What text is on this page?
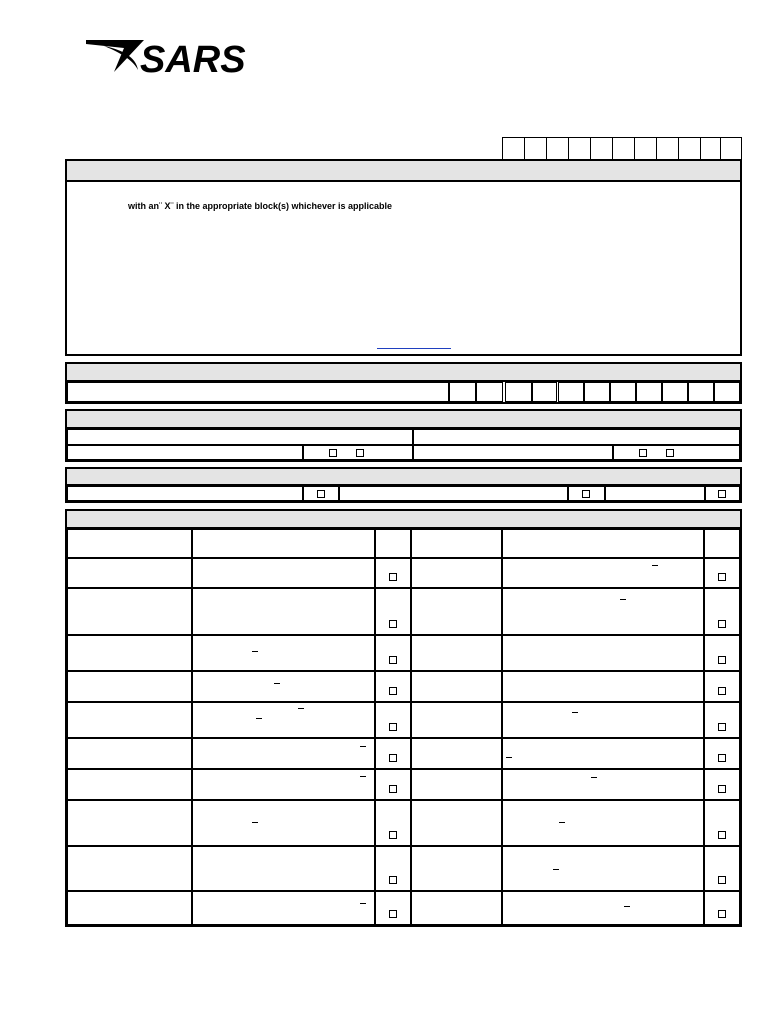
SARS
with an¨ X¨ in the appropriate block(s) whichever is applicable
